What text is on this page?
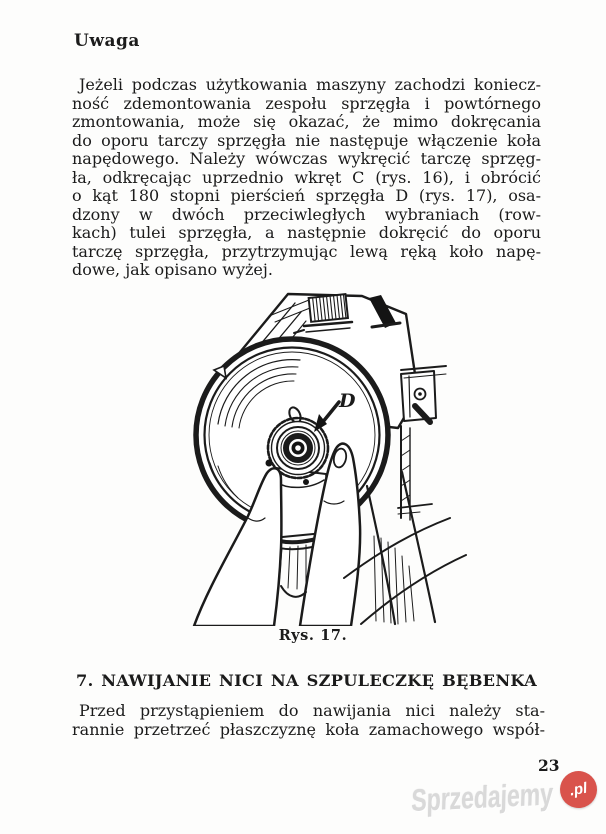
Uwaga
Jeżeli podczas użytkowania maszyny zachodzi koniecz-
ność zdemontowania zespołu sprzęgła i powtórnego
zmontowania, może się okazać, że mimo dokręcania
do oporu tarczy sprzęgła nie następuje włączenie koła
napędowego. Należy wówczas wykręcić tarczę sprzęg-
ła, odkręcając uprzednio wkręt C (rys. 16), i obrócić
o kąt 180 stopni pierścień sprzęgła D (rys. 17), osa-
dzony w dwóch przeciwległych wybraniach (row-
kach) tulei sprzęgła, a następnie dokręcić do oporu
tarczę sprzęgła, przytrzymując lewą ręką koło napę-
dowe, jak opisano wyżej.
D
Rys. 17.
7. NAWIJANIE NICI NA SZPULECZKĘ BĘBENKA
Przed przystąpieniem do nawijania nici należy sta-
rannie przetrzeć płaszczyznę koła zamachowego współ-
23
Sprzedajemy .pl
